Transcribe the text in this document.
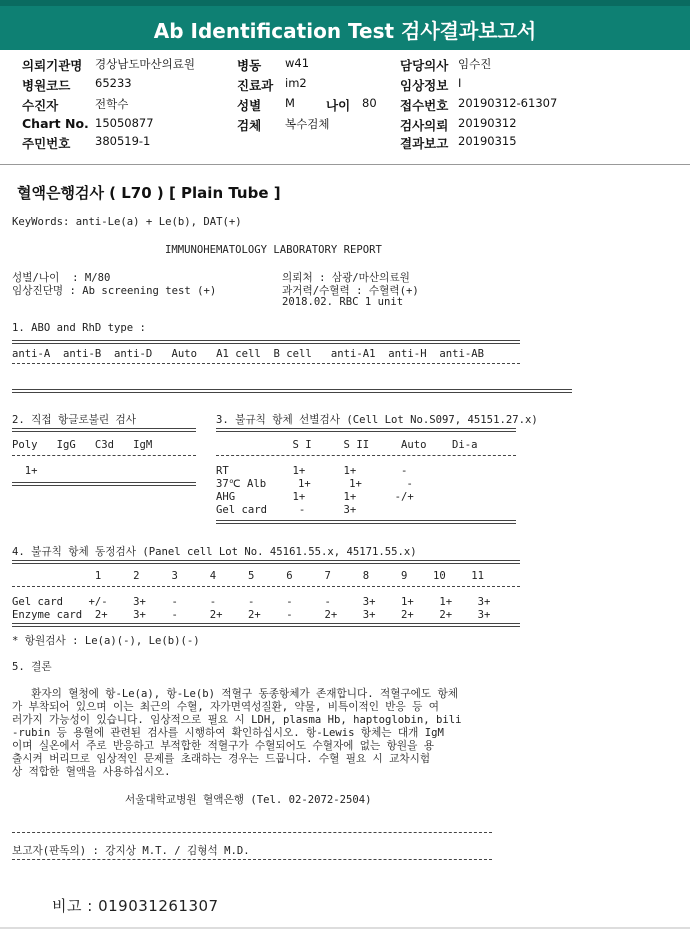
Ab Identification Test 검사결과보고서
의뢰기관명 경상남도마산의료원	병동 w41	담당의사 임수진
병원코드 65233	진료과 im2	임상정보 I
수진자	전학수	성별 M 나이 80 접수번호 20190312-61307
Chart No. 15050877	검체 복수검체	검사의뢰 20190312
주민번호 380519-1	결과보고 20190315
혈액은행검사 ( L70 ) [ Plain Tube ]
KeyWords: anti-Le(a) + Le(b), DAT(+)
IMMUNOHEMATOLOGY LABORATORY REPORT
성별/나이  : M/80
임상진단명 : Ab screening test (+)
의뢰처 : 삼광/마산의료원
과거력/수혈력 : 수혈력(+)
2018.02. RBC 1 unit
1. ABO and RhD type :
anti-A  anti-B  anti-D   Auto   A1 cell  B cell   anti-A1  anti-H  anti-AB
2. 직접 항글로불린 검사
Poly   IgG   C3d   IgM
1+
3. 불규칙 항체 선별검사 (Cell Lot No.S097, 45151.27.x)
S I     S II     Auto    Di-a
RT          1+      1+       -
37℃ Alb     1+      1+       -
AHG         1+      1+      -/+
Gel card     -      3+
4. 불규칙 항체 동정검사 (Panel cell Lot No. 45161.55.x, 45171.55.x)
1     2     3     4     5     6     7     8     9    10    11
Gel card    +/-    3+    -     -     -     -     -     3+    1+    1+    3+
Enzyme card  2+    3+    -     2+    2+    -     2+    3+    2+    2+    3+
* 항원검사 : Le(a)(-), Le(b)(-)
5. 결론
환자의 혈청에 항-Le(a), 항-Le(b) 적혈구 동종항체가 존재합니다. 적혈구에도 항체
가 부착되어 있으며 이는 최근의 수혈, 자가면역성질환, 약물, 비특이적인 반응 등 여
러가지 가능성이 있습니다. 임상적으로 필요 시 LDH, plasma Hb, haptoglobin, bili
-rubin 등 용혈에 관련된 검사를 시행하여 확인하십시오. 항-Lewis 항체는 대개 IgM
이며 실온에서 주로 반응하고 부적합한 적혈구가 수혈되어도 수혈자에 없는 항원을 용
출시켜 버리므로 임상적인 문제를 초래하는 경우는 드뭅니다. 수혈 필요 시 교차시험
상 적합한 혈액을 사용하십시오.
서울대학교병원 혈액은행 (Tel. 02-2072-2504)
보고자(판독의) : 강지상 M.T. / 김형석 M.D.
비고 : 019031261307
